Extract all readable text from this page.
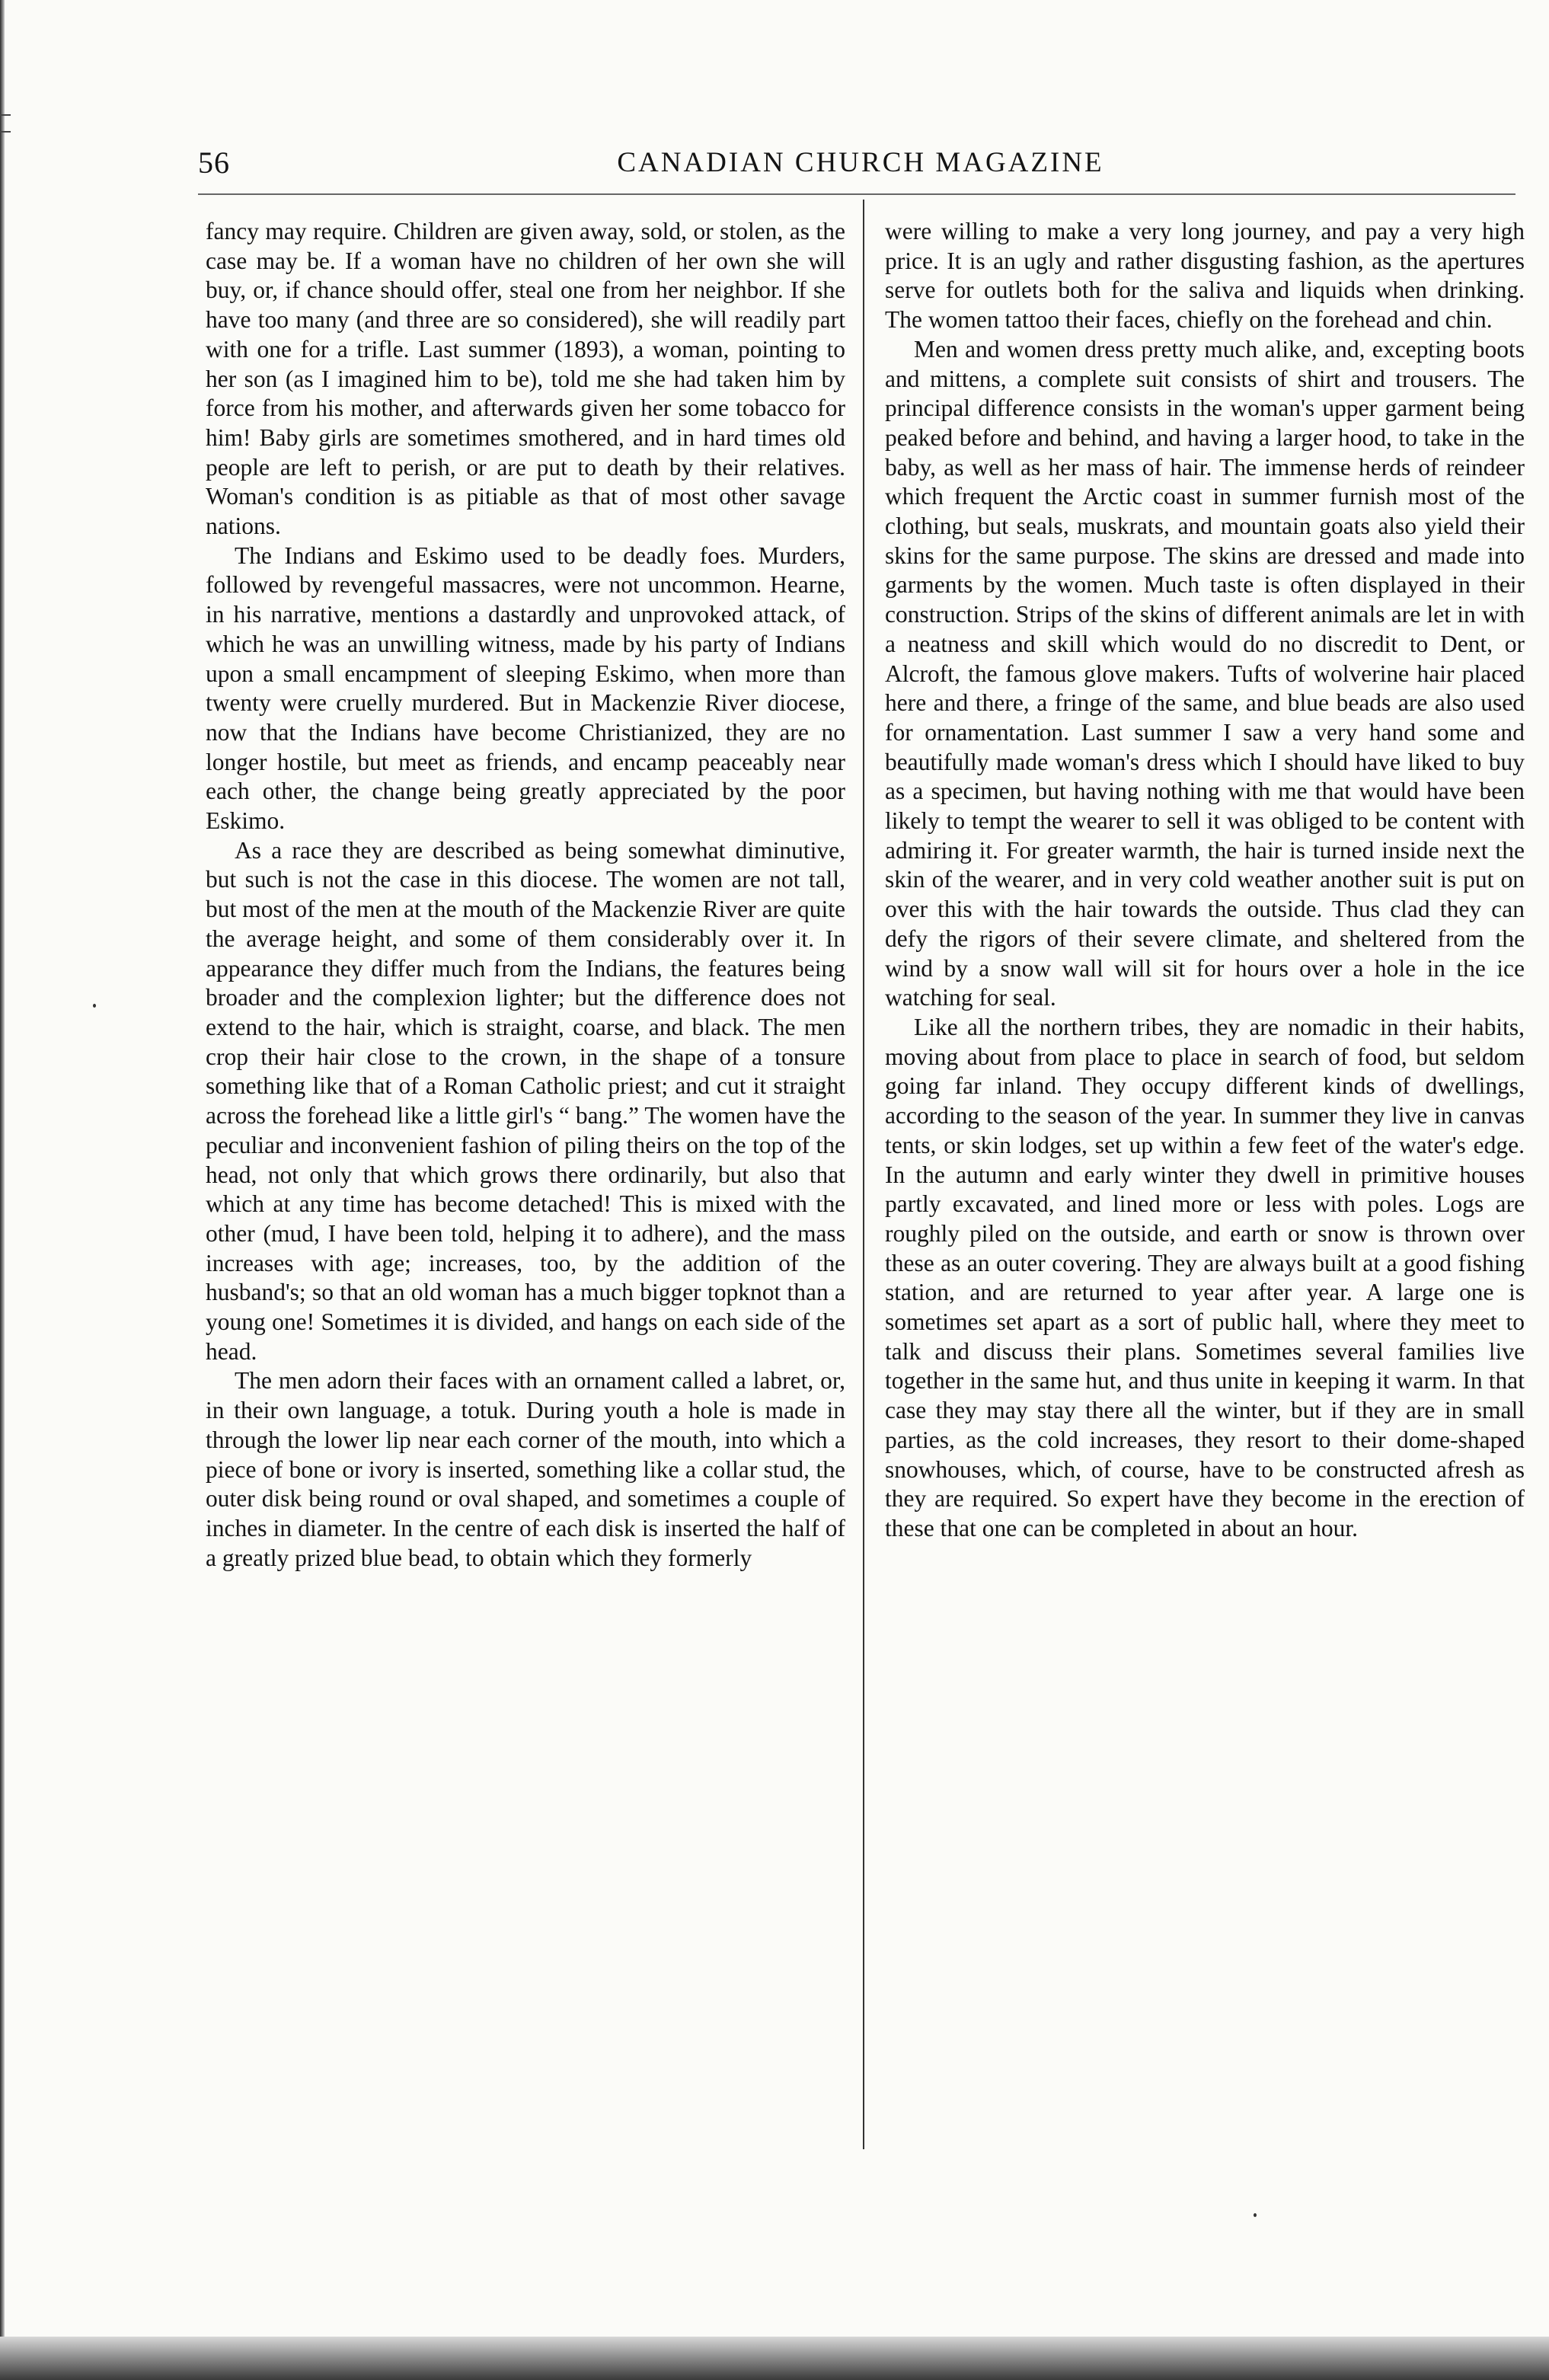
56	CANADIAN CHURCH MAGAZINE

fancy may require. Children are given away, sold, or stolen, as the case may be. If a woman have no children of her own she will buy, or, if chance should offer, steal one from her neighbor. If she have too many (and three are so considered), she will readily part with one for a trifle. Last summer (1893), a woman, pointing to her son (as I imagined him to be), told me she had taken him by force from his mother, and afterwards given her some tobacco for him! Baby girls are sometimes smothered, and in hard times old people are left to perish, or are put to death by their relatives. Woman's condition is as pitiable as that of most other savage nations.

The Indians and Eskimo used to be deadly foes. Murders, followed by revengeful massacres, were not uncommon. Hearne, in his narrative, mentions a dastardly and unprovoked attack, of which he was an unwilling witness, made by his party of Indians upon a small encampment of sleeping Eskimo, when more than twenty were cruelly murdered. But in Mackenzie River diocese, now that the Indians have become Christianized, they are no longer hostile, but meet as friends, and encamp peaceably near each other, the change being greatly appreciated by the poor Eskimo.

As a race they are described as being somewhat diminutive, but such is not the case in this diocese. The women are not tall, but most of the men at the mouth of the Mackenzie River are quite the average height, and some of them considerably over it. In appearance they differ much from the Indians, the features being broader and the complexion lighter; but the difference does not extend to the hair, which is straight, coarse, and black. The men crop their hair close to the crown, in the shape of a tonsure something like that of a Roman Catholic priest; and cut it straight across the forehead like a little girl's “ bang.” The women have the peculiar and inconvenient fashion of piling theirs on the top of the head, not only that which grows there ordinarily, but also that which at any time has become detached! This is mixed with the other (mud, I have been told, helping it to adhere), and the mass increases with age; increases, too, by the addition of the husband's; so that an old woman has a much bigger topknot than a young one! Sometimes it is divided, and hangs on each side of the head.

The men adorn their faces with an ornament called a labret, or, in their own language, a totuk. During youth a hole is made in through the lower lip near each corner of the mouth, into which a piece of bone or ivory is inserted, something like a collar stud, the outer disk being round or oval shaped, and sometimes a couple of inches in diameter. In the centre of each disk is inserted the half of a greatly prized blue bead, to obtain which they formerly

were willing to make a very long journey, and pay a very high price. It is an ugly and rather disgusting fashion, as the apertures serve for outlets both for the saliva and liquids when drinking. The women tattoo their faces, chiefly on the forehead and chin.

Men and women dress pretty much alike, and, excepting boots and mittens, a complete suit consists of shirt and trousers. The principal difference consists in the woman's upper garment being peaked before and behind, and having a larger hood, to take in the baby, as well as her mass of hair. The immense herds of reindeer which frequent the Arctic coast in summer furnish most of the clothing, but seals, muskrats, and mountain goats also yield their skins for the same purpose. The skins are dressed and made into garments by the women. Much taste is often displayed in their construction. Strips of the skins of different animals are let in with a neatness and skill which would do no discredit to Dent, or Alcroft, the famous glove makers. Tufts of wolverine hair placed here and there, a fringe of the same, and blue beads are also used for ornamentation. Last summer I saw a very hand some and beautifully made woman's dress which I should have liked to buy as a specimen, but having nothing with me that would have been likely to tempt the wearer to sell it was obliged to be content with admiring it. For greater warmth, the hair is turned inside next the skin of the wearer, and in very cold weather another suit is put on over this with the hair towards the outside. Thus clad they can defy the rigors of their severe climate, and sheltered from the wind by a snow wall will sit for hours over a hole in the ice watching for seal.

Like all the northern tribes, they are nomadic in their habits, moving about from place to place in search of food, but seldom going far inland. They occupy different kinds of dwellings, according to the season of the year. In summer they live in canvas tents, or skin lodges, set up within a few feet of the water's edge. In the autumn and early winter they dwell in primitive houses partly excavated, and lined more or less with poles. Logs are roughly piled on the outside, and earth or snow is thrown over these as an outer covering. They are always built at a good fishing station, and are returned to year after year. A large one is sometimes set apart as a sort of public hall, where they meet to talk and discuss their plans. Sometimes several families live together in the same hut, and thus unite in keeping it warm. In that case they may stay there all the winter, but if they are in small parties, as the cold increases, they resort to their dome-shaped snowhouses, which, of course, have to be constructed afresh as they are required. So expert have they become in the erection of these that one can be completed in about an hour.
